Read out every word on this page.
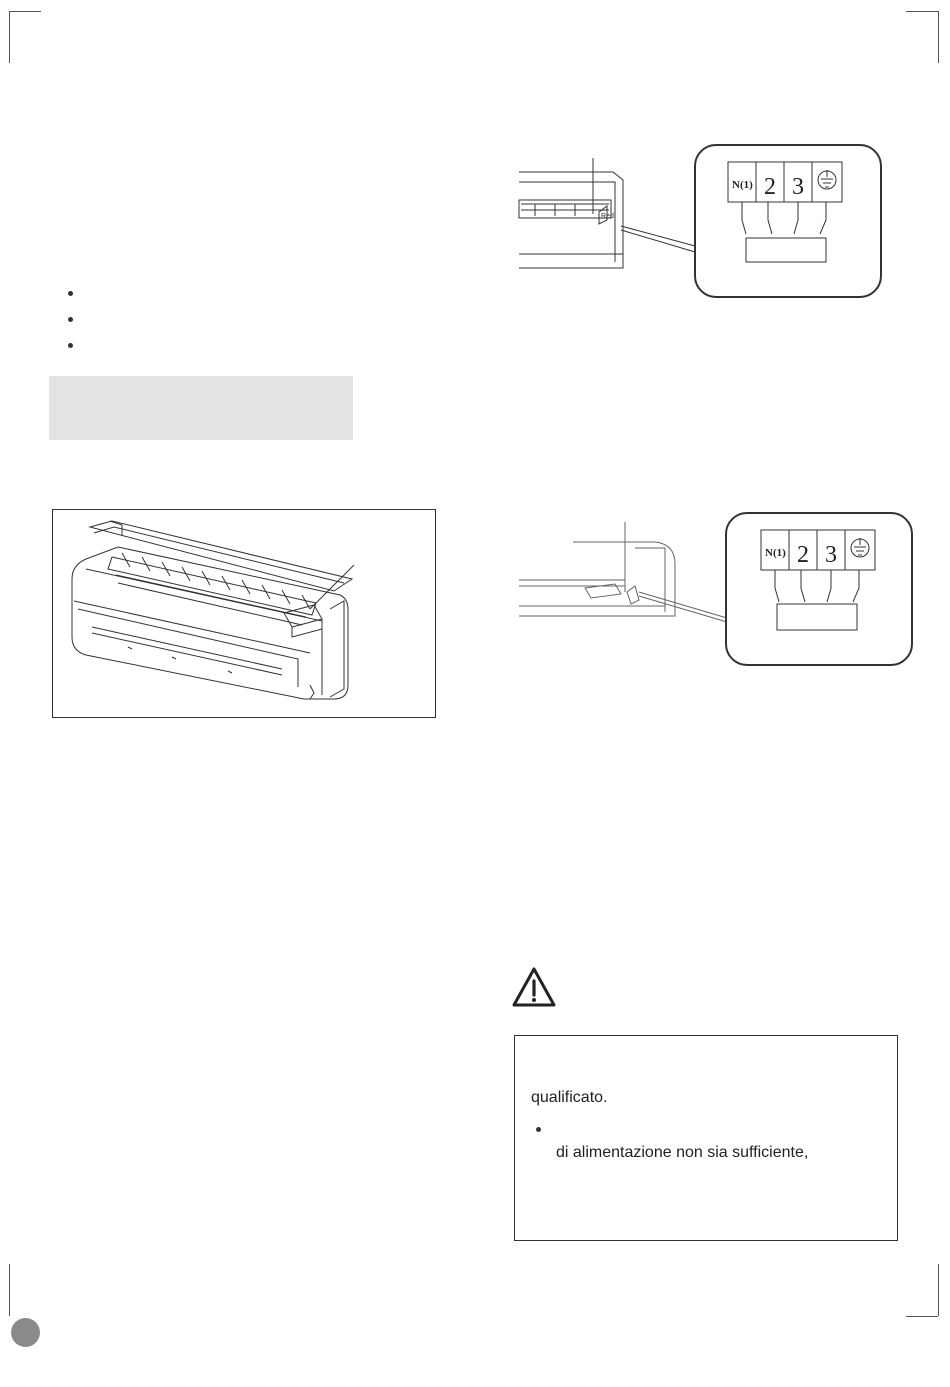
Red
N(1) 2 3
N(1) 2 3
qualificato.
di alimentazione non sia sufficiente,
